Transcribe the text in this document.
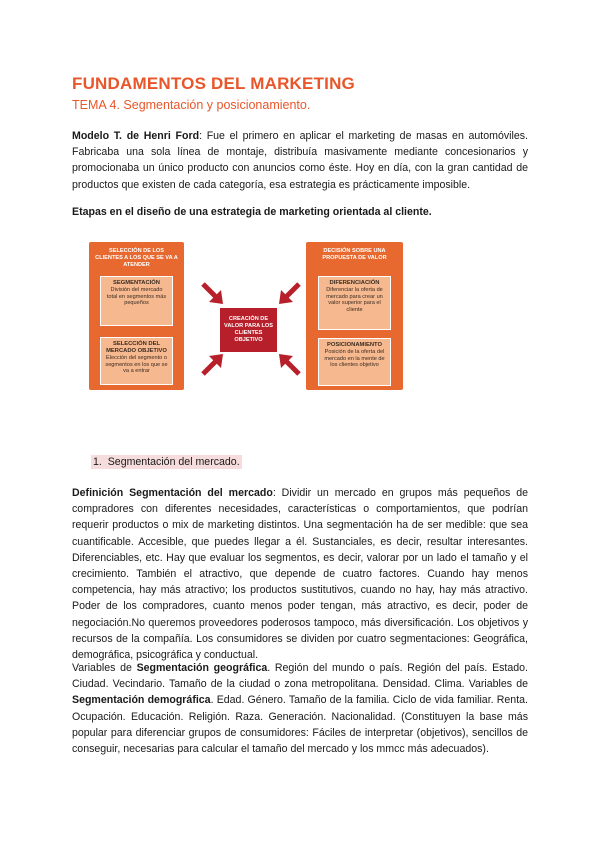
FUNDAMENTOS DEL MARKETING
TEMA 4. Segmentación y posicionamiento.

Modelo T. de Henri Ford: Fue el primero en aplicar el marketing de masas en automóviles. Fabricaba una sola línea de montaje, distribuía masivamente mediante concesionarios y promocionaba un único producto con anuncios como éste. Hoy en día, con la gran cantidad de productos que existen de cada categoría, esa estrategia es prácticamente imposible.

Etapas en el diseño de una estrategia de marketing orientada al cliente.
SELECCIÓN DE LOS CLIENTES A LOS QUE SE VA A ATENDER
SEGMENTACIÓN
División del mercado total en segmentos más pequeños
SELECCIÓN DEL MERCADO OBJETIVO
Elección del segmento o segmentos en los que se va a entrar
CREACIÓN DE VALOR PARA LOS CLIENTES OBJETIVO
DECISIÓN SOBRE UNA PROPUESTA DE VALOR
DIFERENCIACIÓN
Diferenciar la oferta de mercado para crear un valor superior para el cliente
POSICIONAMIENTO
Posición de la oferta del mercado en la mente de los clientes objetivo
1. Segmentación del mercado.

Definición Segmentación del mercado: Dividir un mercado en grupos más pequeños de compradores con diferentes necesidades, características o comportamientos, que podrían requerir productos o mix de marketing distintos. Una segmentación ha de ser medible: que sea cuantificable. Accesible, que puedes llegar a él. Sustanciales, es decir, resultar interesantes. Diferenciables, etc. Hay que evaluar los segmentos, es decir, valorar por un lado el tamaño y el crecimiento. También el atractivo, que depende de cuatro factores. Cuando hay menos competencia, hay más atractivo; los productos sustitutivos, cuando no hay, hay más atractivo. Poder de los compradores, cuanto menos poder tengan, más atractivo, es decir, poder de negociación.No queremos proveedores poderosos tampoco, más diversificación. Los objetivos y recursos de la compañía. Los consumidores se dividen por cuatro segmentaciones: Geográfica, demográfica, psicográfica y conductual.

Variables de Segmentación geográfica. Región del mundo o país. Región del país. Estado. Ciudad. Vecindario. Tamaño de la ciudad o zona metropolitana. Densidad. Clima. Variables de Segmentación demográfica. Edad. Género. Tamaño de la familia. Ciclo de vida familiar. Renta. Ocupación. Educación. Religión. Raza. Generación. Nacionalidad. (Constituyen la base más popular para diferenciar grupos de consumidores: Fáciles de interpretar (objetivos), sencillos de conseguir, necesarias para calcular el tamaño del mercado y los mmcc más adecuados).
